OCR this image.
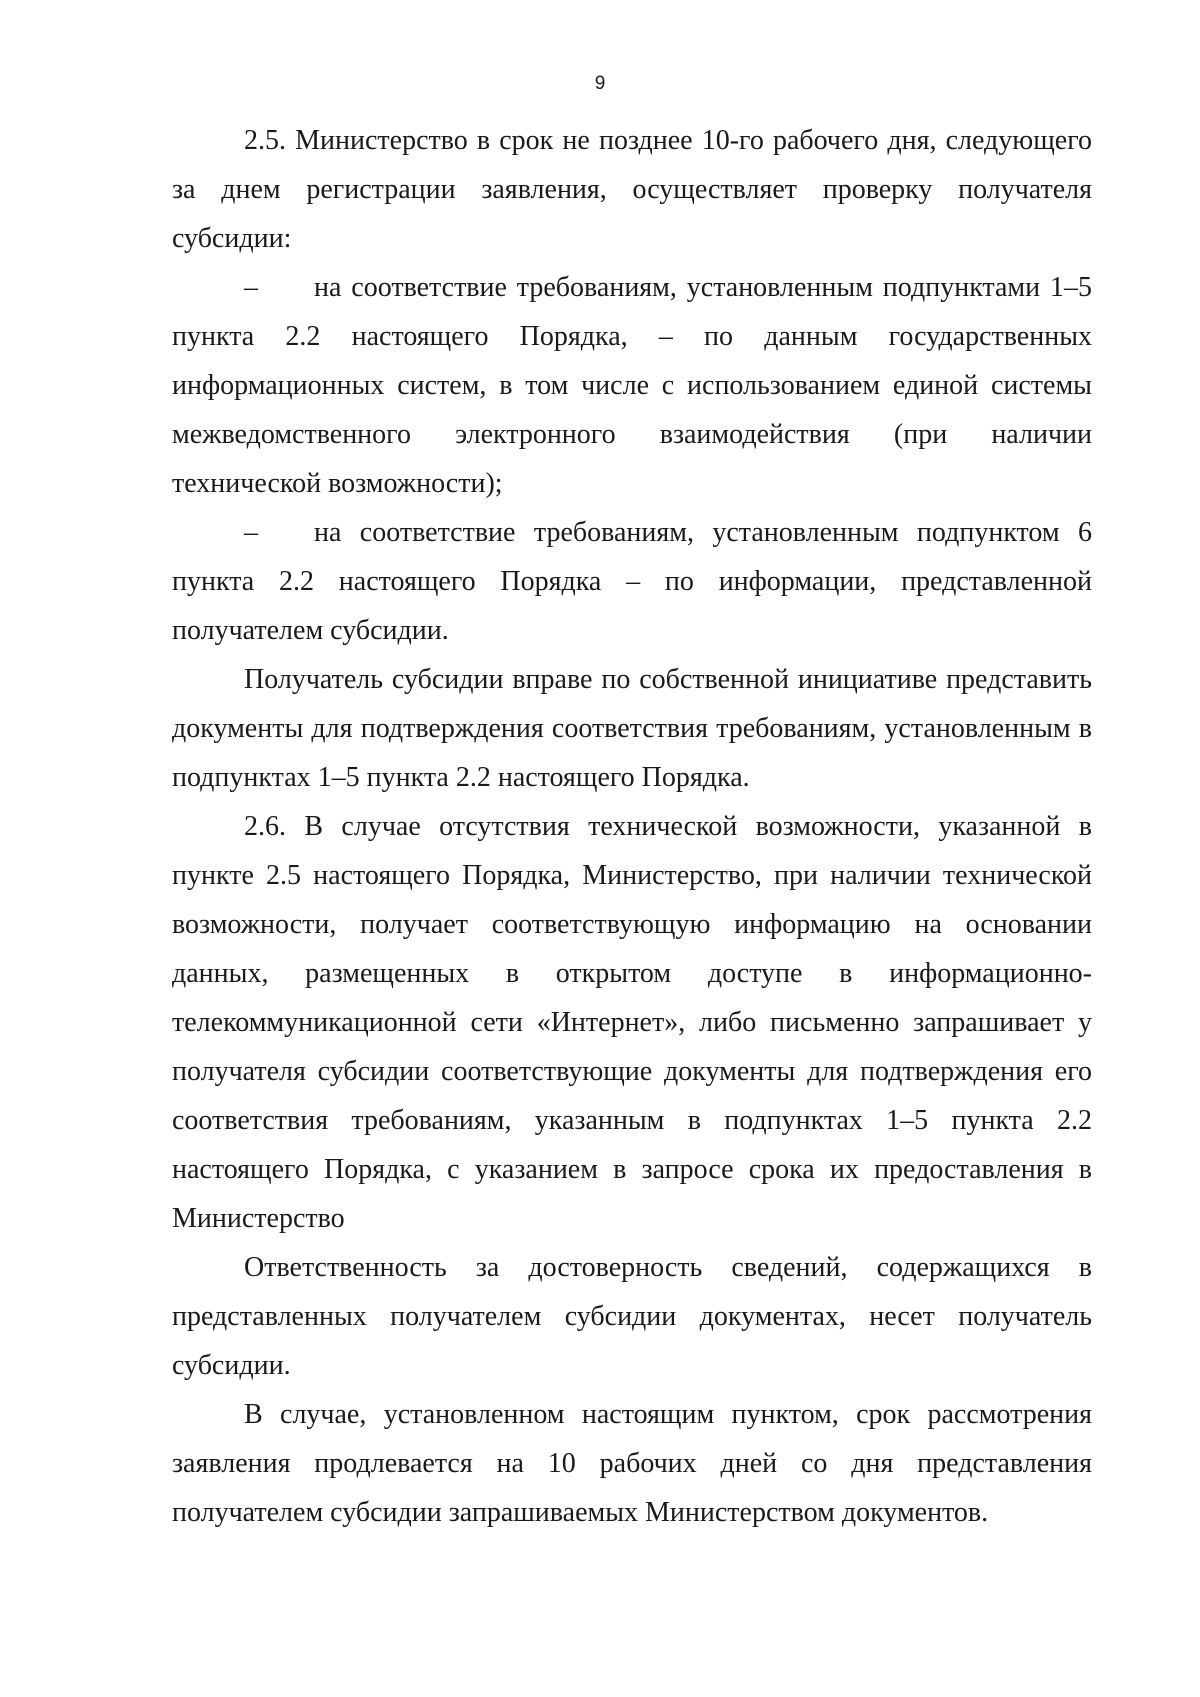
9

2.5. Министерство в срок не позднее 10-го рабочего дня, следующего за днем регистрации заявления, осуществляет проверку получателя субсидии:

– на соответствие требованиям, установленным подпунктами 1–5 пункта 2.2 настоящего Порядка, – по данным государственных информационных систем, в том числе с использованием единой системы межведомственного электронного взаимодействия (при наличии технической возможности);

– на соответствие требованиям, установленным подпунктом 6 пункта 2.2 настоящего Порядка – по информации, представленной получателем субсидии.

Получатель субсидии вправе по собственной инициативе представить документы для подтверждения соответствия требованиям, установленным в подпунктах 1–5 пункта 2.2 настоящего Порядка.

2.6. В случае отсутствия технической возможности, указанной в пункте 2.5 настоящего Порядка, Министерство, при наличии технической возможности, получает соответствующую информацию на основании данных, размещенных в открытом доступе в информационно-телекоммуникационной сети «Интернет», либо письменно запрашивает у получателя субсидии соответствующие документы для подтверждения его соответствия требованиям, указанным в подпунктах 1–5 пункта 2.2 настоящего Порядка, с указанием в запросе срока их предоставления в Министерство

Ответственность за достоверность сведений, содержащихся в представленных получателем субсидии документах, несет получатель субсидии.

В случае, установленном настоящим пунктом, срок рассмотрения заявления продлевается на 10 рабочих дней со дня представления получателем субсидии запрашиваемых Министерством документов.
